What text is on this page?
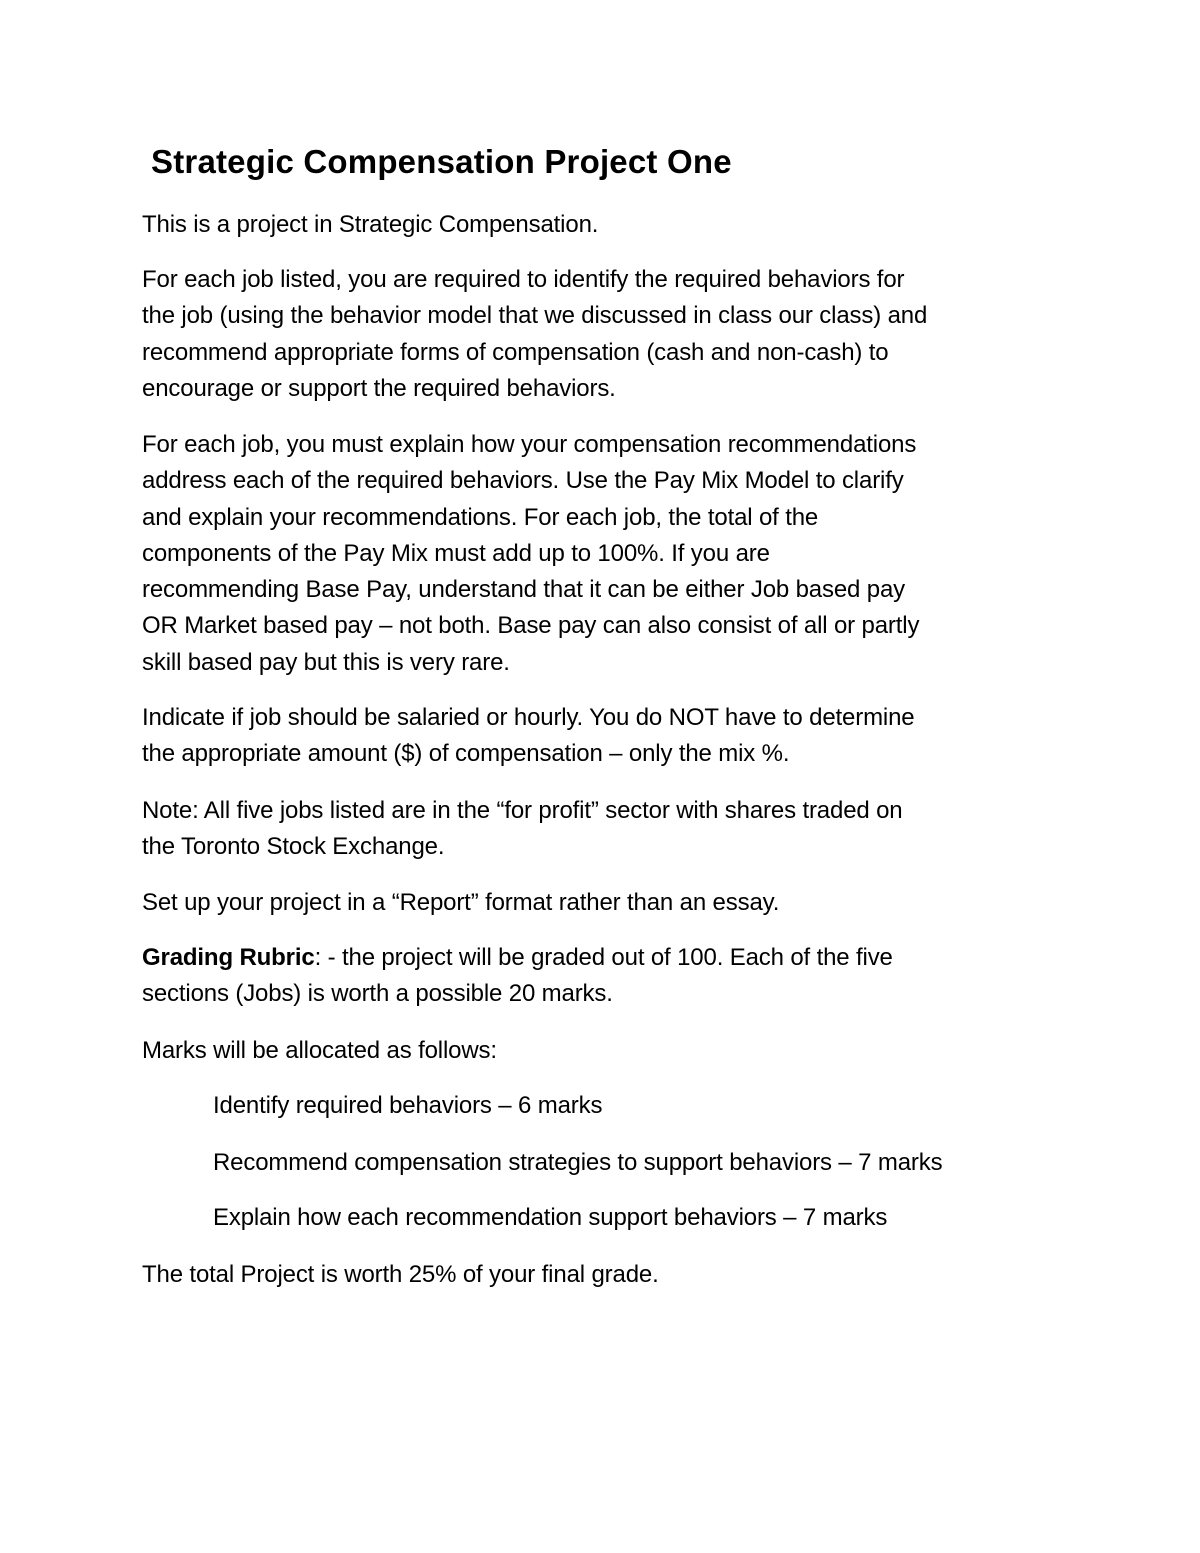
Strategic Compensation Project One

This is a project in Strategic Compensation.

For each job listed, you are required to identify the required behaviors for
the job (using the behavior model that we discussed in class our class) and
recommend appropriate forms of compensation (cash and non-cash) to
encourage or support the required behaviors.

For each job, you must explain how your compensation recommendations
address each of the required behaviors. Use the Pay Mix Model to clarify
and explain your recommendations. For each job, the total of the
components of the Pay Mix must add up to 100%. If you are
recommending Base Pay, understand that it can be either Job based pay
OR Market based pay – not both. Base pay can also consist of all or partly
skill based pay but this is very rare.

Indicate if job should be salaried or hourly. You do NOT have to determine
the appropriate amount ($) of compensation – only the mix %.

Note: All five jobs listed are in the “for profit” sector with shares traded on
the Toronto Stock Exchange.

Set up your project in a “Report” format rather than an essay.

Grading Rubric: - the project will be graded out of 100. Each of the five
sections (Jobs) is worth a possible 20 marks.

Marks will be allocated as follows:

Identify required behaviors – 6 marks

Recommend compensation strategies to support behaviors – 7 marks

Explain how each recommendation support behaviors – 7 marks

The total Project is worth 25% of your final grade.
